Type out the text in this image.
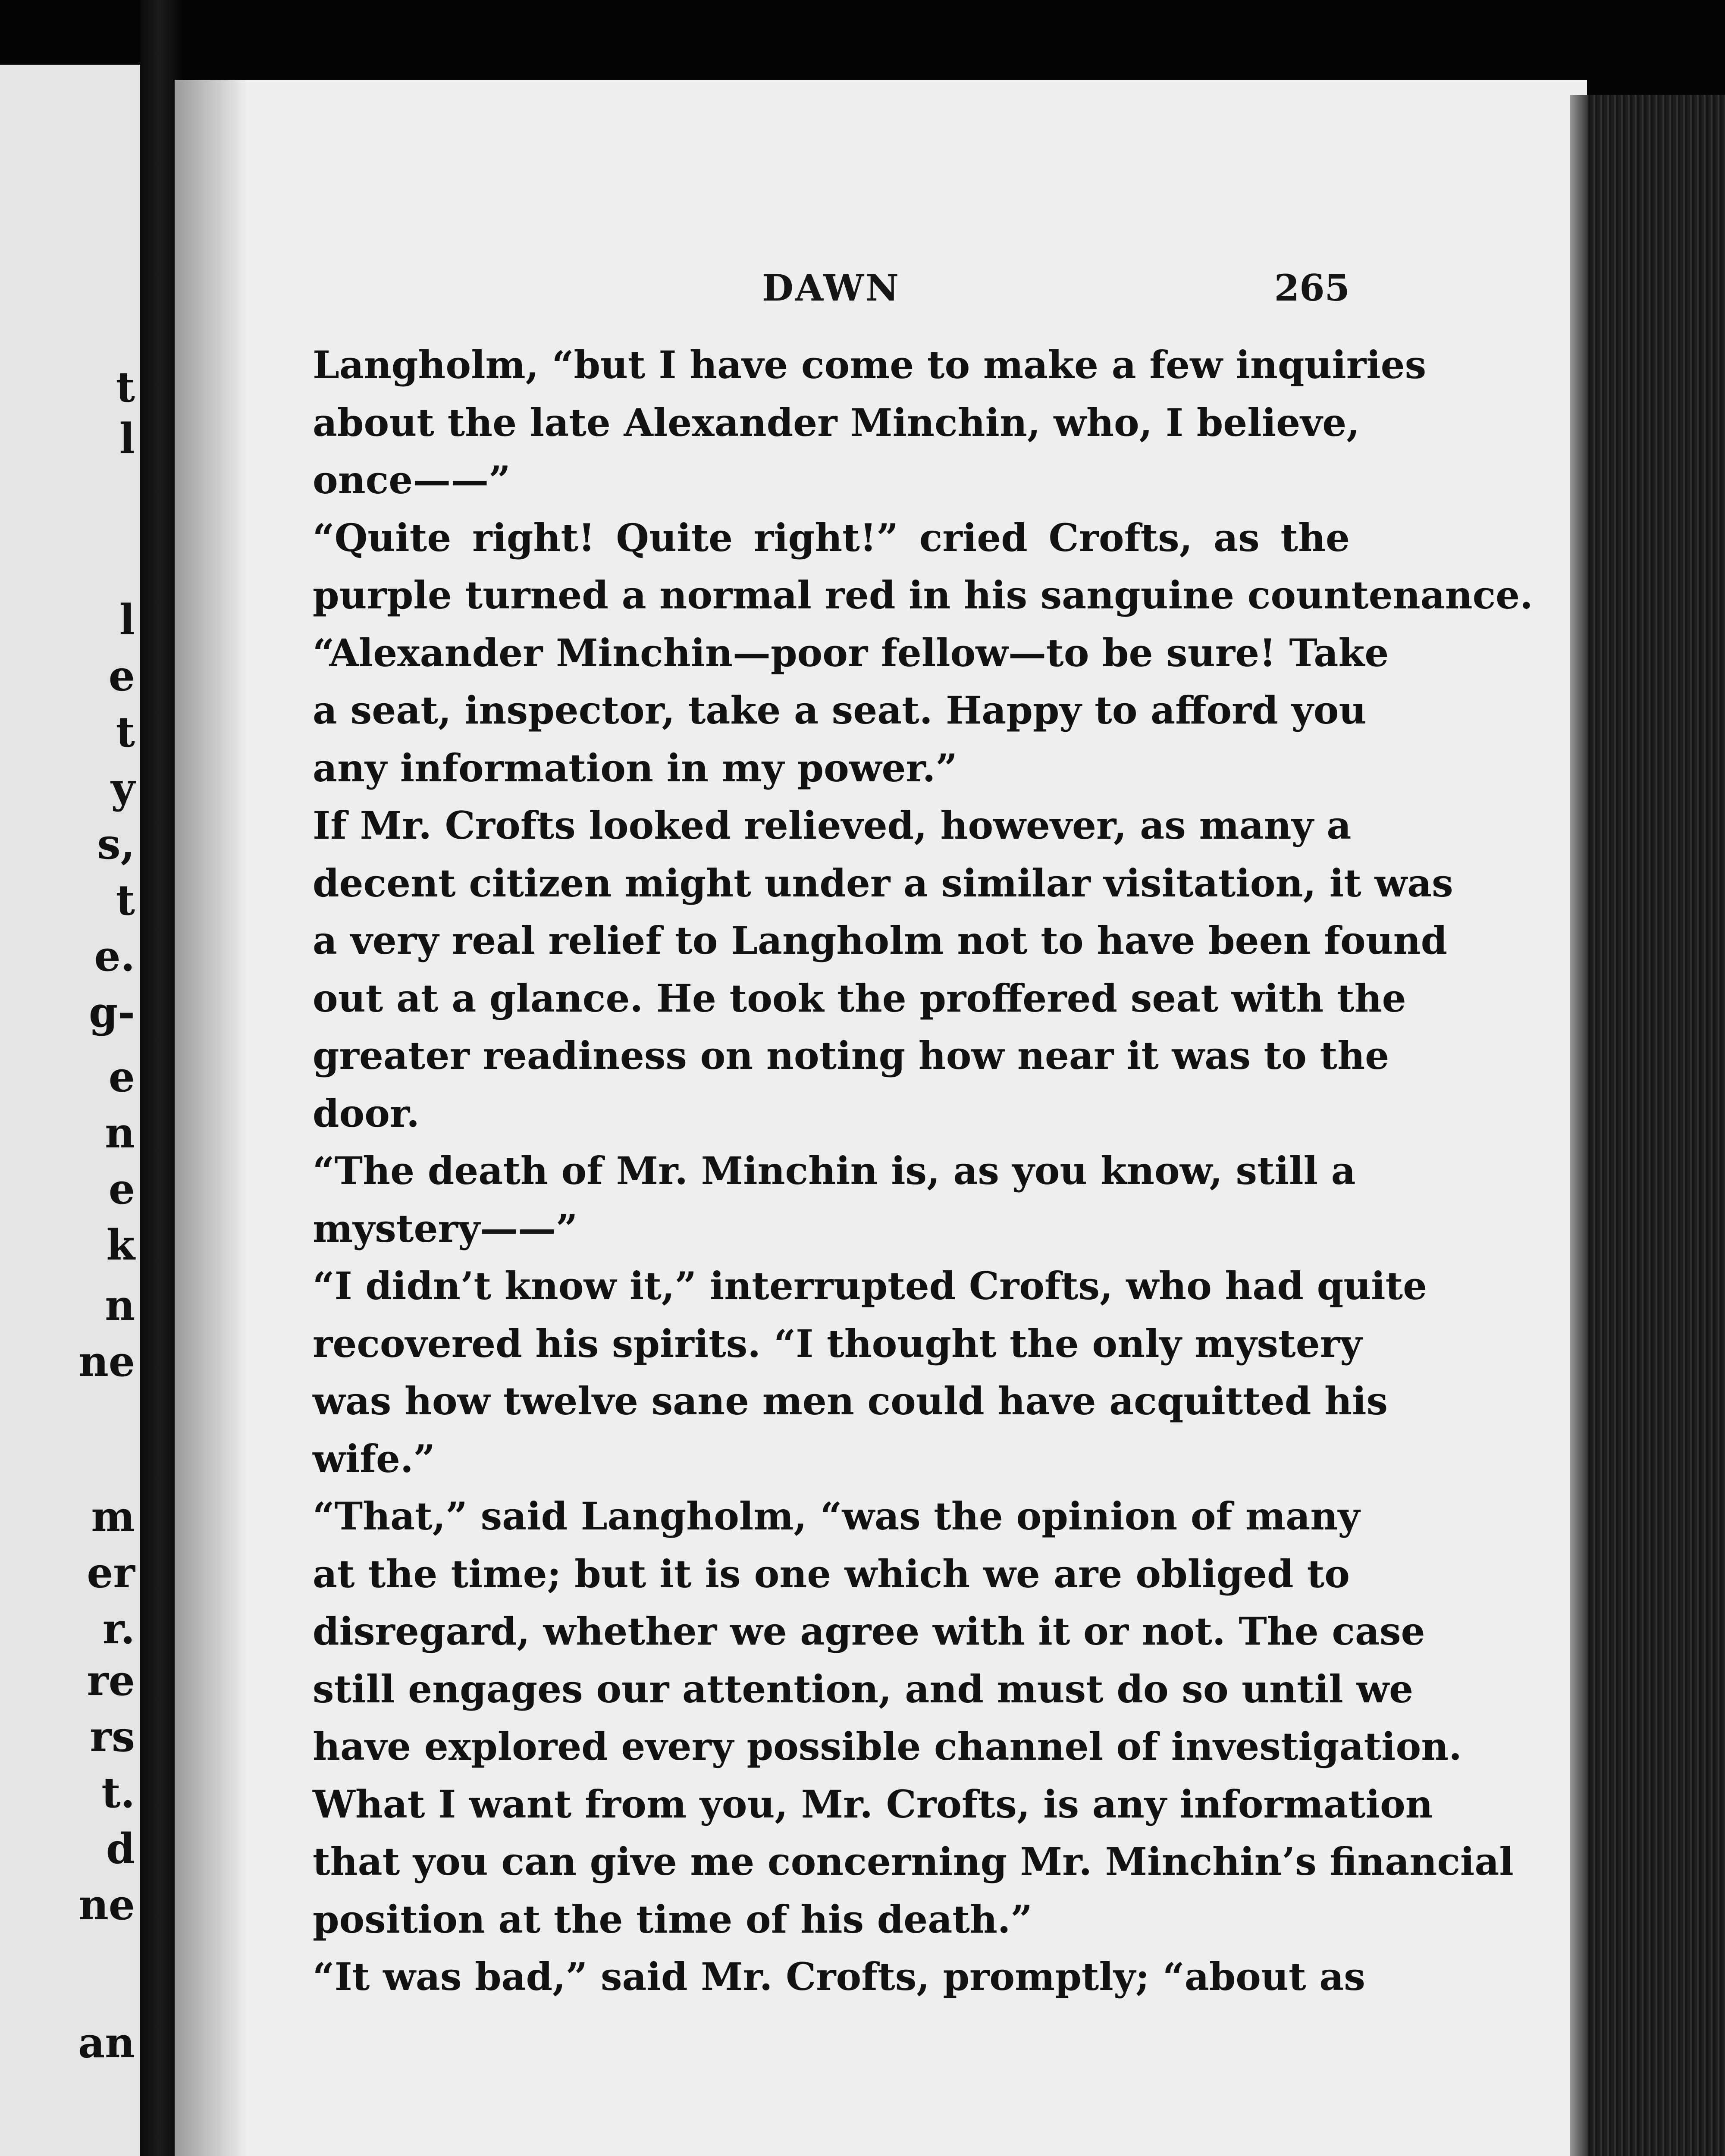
t
l
l
e
t
y
s,
t
e.
g-
e
n
e
k
n
ne
m
er
r.
re
rs
t.
d
ne
an
DAWN	265
Langholm, “but I have come to make a few inquiries
about the late Alexander Minchin, who, I believe,
once——”
“Quite right! Quite right!” cried Crofts, as the
purple turned a normal red in his sanguine countenance.
“Alexander Minchin—poor fellow—to be sure! Take
a seat, inspector, take a seat. Happy to afford you
any information in my power.”
If Mr. Crofts looked relieved, however, as many a
decent citizen might under a similar visitation, it was
a very real relief to Langholm not to have been found
out at a glance. He took the proffered seat with the
greater readiness on noting how near it was to the
door.
“The death of Mr. Minchin is, as you know, still a
mystery——”
“I didn’t know it,” interrupted Crofts, who had quite
recovered his spirits. “I thought the only mystery
was how twelve sane men could have acquitted his
wife.”
“That,” said Langholm, “was the opinion of many
at the time; but it is one which we are obliged to
disregard, whether we agree with it or not. The case
still engages our attention, and must do so until we
have explored every possible channel of investigation.
What I want from you, Mr. Crofts, is any information
that you can give me concerning Mr. Minchin’s financial
position at the time of his death.”
“It was bad,” said Mr. Crofts, promptly; “about as
